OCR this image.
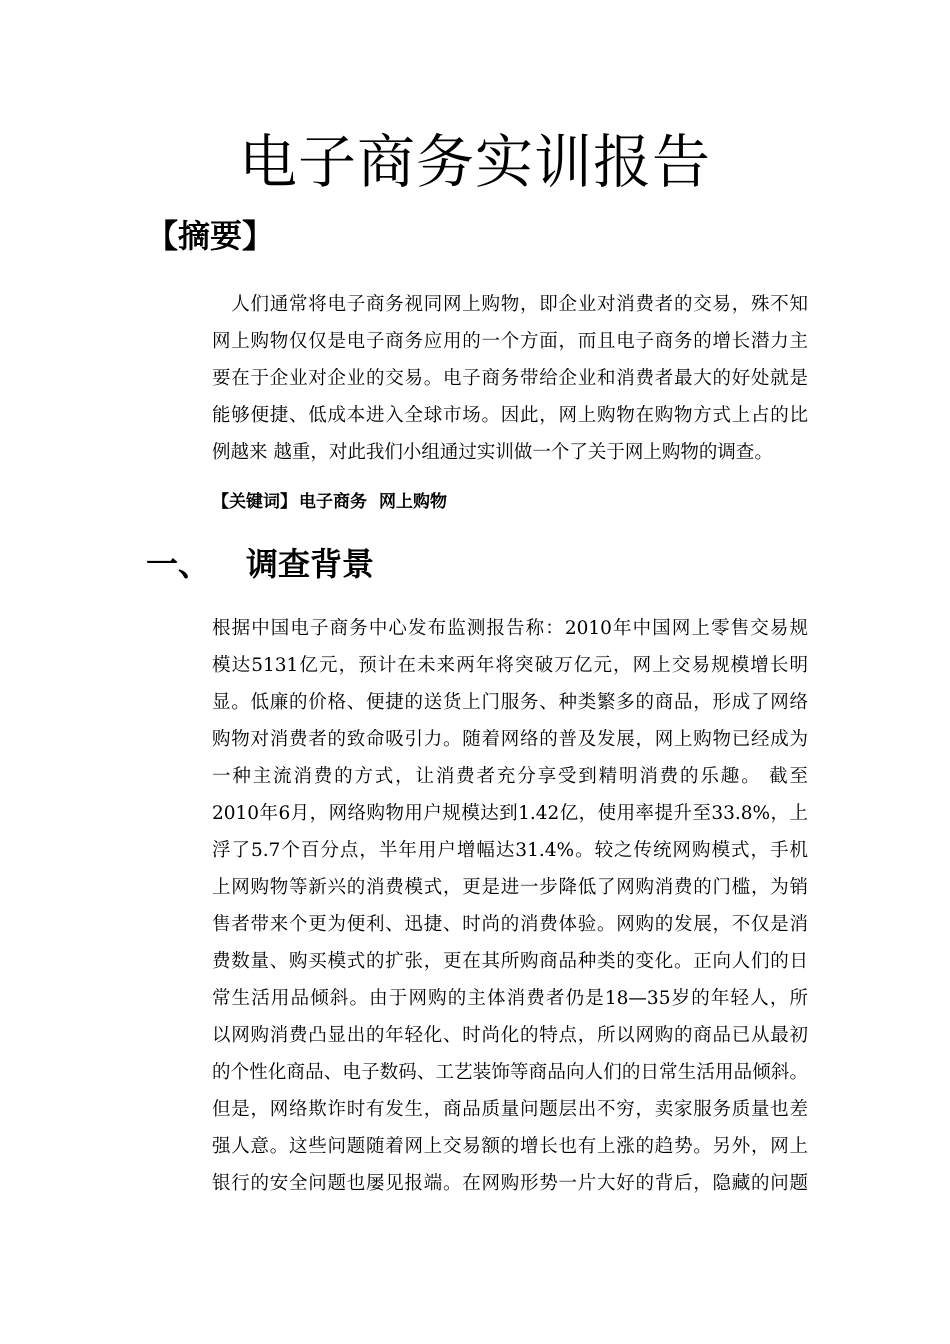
电子商务实训报告
【摘要】
　人们通常将电子商务视同网上购物，即企业对消费者的交易，殊不知
网上购物仅仅是电子商务应用的一个方面，而且电子商务的增长潜力主
要在于企业对企业的交易。电子商务带给企业和消费者最大的好处就是
能够便捷、低成本进入全球市场。因此，网上购物在购物方式上占的比
例越来 越重，对此我们小组通过实训做一个了关于网上购物的调查。
【关键词】 电子商务 网上购物
一、 调查背景
根据中国电子商务中心发布监测报告称：2010年中国网上零售交易规
模达5131亿元，预计在未来两年将突破万亿元，网上交易规模增长明
显。低廉的价格、便捷的送货上门服务、种类繁多的商品，形成了网络
购物对消费者的致命吸引力。随着网络的普及发展，网上购物已经成为
一种主流消费的方式，让消费者充分享受到精明消费的乐趣。 截至
2010年6月，网络购物用户规模达到1.42亿，使用率提升至33.8%，上
浮了5.7个百分点，半年用户增幅达31.4%。较之传统网购模式，手机
上网购物等新兴的消费模式，更是进一步降低了网购消费的门槛，为销
售者带来个更为便利、迅捷、时尚的消费体验。网购的发展，不仅是消
费数量、购买模式的扩张，更在其所购商品种类的变化。正向人们的日
常生活用品倾斜。由于网购的主体消费者仍是18—35岁的年轻人，所
以网购消费凸显出的年轻化、时尚化的特点，所以网购的商品已从最初
的个性化商品、电子数码、工艺装饰等商品向人们的日常生活用品倾斜。
但是，网络欺诈时有发生，商品质量问题层出不穷，卖家服务质量也差
强人意。这些问题随着网上交易额的增长也有上涨的趋势。另外，网上
银行的安全问题也屡见报端。在网购形势一片大好的背后，隐藏的问题
